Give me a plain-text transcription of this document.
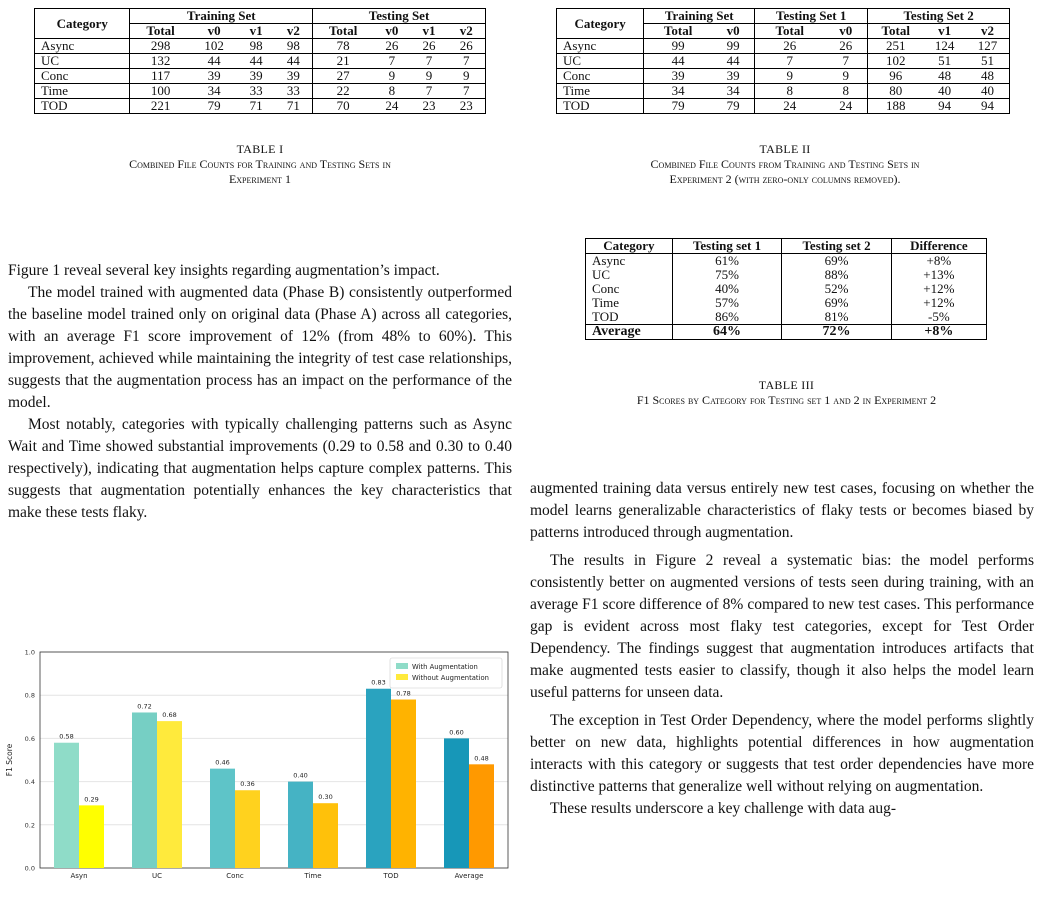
Category	Training Set				Testing Set			
	Total	v0	v1	v2	Total	v0	v1	v2
Async	298	102	98	98	78	26	26	26
UC	132	44	44	44	21	7	7	7
Conc	117	39	39	39	27	9	9	9
Time	100	34	33	33	22	8	7	7
TOD	221	79	71	71	70	24	23	23
TABLE I
Combined File Counts for Training and Testing Sets in
Experiment 1
Category	Training Set		Testing Set 1		Testing Set 2		
	Total	v0	Total	v0	Total	v1	v2
Async	99	99	26	26	251	124	127
UC	44	44	7	7	102	51	51
Conc	39	39	9	9	96	48	48
Time	34	34	8	8	80	40	40
TOD	79	79	24	24	188	94	94
TABLE II
Combined File Counts from Training and Testing Sets in
Experiment 2 (with zero-only columns removed).
Category	Testing set 1	Testing set 2	Difference
Async	61%	69%	+8%
UC	75%	88%	+13%
Conc	40%	52%	+12%
Time	57%	69%	+12%
TOD	86%	81%	-5%
Average	64%	72%	+8%
TABLE III
F1 Scores by Category for Testing set 1 and 2 in Experiment 2

Figure 1 reveal several key insights regarding augmentation’s impact.

The model trained with augmented data (Phase B) consistently outperformed the baseline model trained only on original data (Phase A) across all categories, with an average F1 score improvement of 12% (from 48% to 60%). This improvement, achieved while maintaining the integrity of test case relationships, suggests that the augmentation process has an impact on the performance of the model.

Most notably, categories with typically challenging patterns such as Async Wait and Time showed substantial improvements (0.29 to 0.58 and 0.30 to 0.40 respectively), indicating that augmentation helps capture complex patterns. This suggests that augmentation potentially enhances the key characteristics that make these tests flaky.

augmented training data versus entirely new test cases, focusing on whether the model learns generalizable characteristics of flaky tests or becomes biased by patterns introduced through augmentation.

The results in Figure 2 reveal a systematic bias: the model performs consistently better on augmented versions of tests seen during training, with an average F1 score difference of 8% compared to new test cases. This performance gap is evident across most flaky test categories, except for Test Order Dependency. The findings suggest that augmentation introduces artifacts that make augmented tests easier to classify, though it also helps the model learn useful patterns for unseen data.

The exception in Test Order Dependency, where the model performs slightly better on new data, highlights potential differences in how augmentation interacts with this category or suggests that test order dependencies have more distinctive patterns that generalize well without relying on augmentation.

These results underscore a key challenge with data aug-

0.0
0.2
0.4
0.6
0.8
1.0
F1 Score
0.58
0.29
Asyn
0.72
0.68
UC
0.46
0.36
Conc
0.40
0.30
Time
0.83
0.78
TOD
0.60
0.48
Average
With Augmentation
Without Augmentation
